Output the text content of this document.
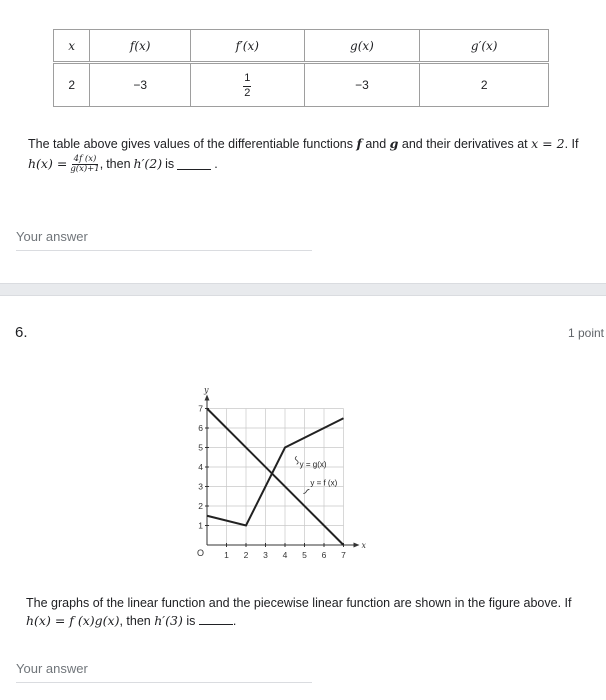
x	f(x)	f′(x)	g(x)	g′(x)
2	−3	$\frac{1}{2}$	−3	2
The table above gives values of the differentiable functions f and g and their derivatives at x = 2. If
$h(x) = \frac{4f (x)}{g(x)+1}$ , then h′(2) is	.
Your answer
6.	1 point
1 2 3 4 5 6 7
1
2
3
4
5
6
7
x
y
O
y = g(x)
y = f (x)
The graphs of the linear function and the piecewise linear function are shown in the figure above. If
h(x) = f (x)g(x), then h′(3) is	.
Your answer
